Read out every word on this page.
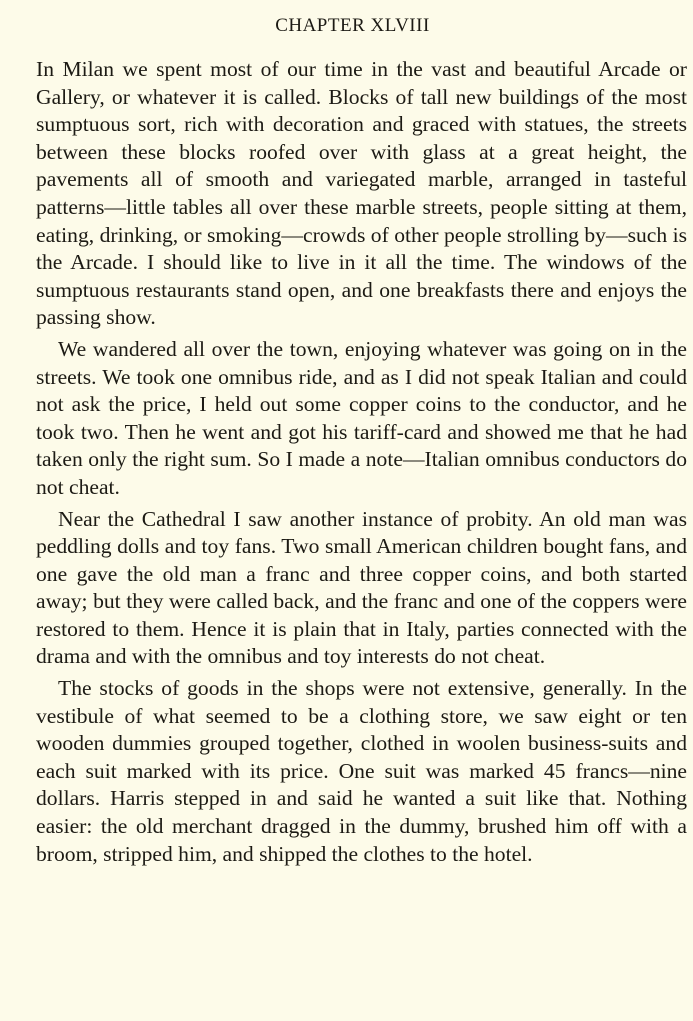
CHAPTER XLVIII

In Milan we spent most of our time in the vast and beautiful Arcade or Gallery, or whatever it is called. Blocks of tall new buildings of the most sumptuous sort, rich with decoration and graced with statues, the streets between these blocks roofed over with glass at a great height, the pavements all of smooth and variegated marble, arranged in tasteful patterns—little tables all over these marble streets, people sitting at them, eating, drinking, or smoking—crowds of other people strolling by—such is the Arcade. I should like to live in it all the time. The windows of the sumptuous restaurants stand open, and one breakfasts there and enjoys the passing show.

We wandered all over the town, enjoying whatever was going on in the streets. We took one omnibus ride, and as I did not speak Italian and could not ask the price, I held out some copper coins to the conductor, and he took two. Then he went and got his tariff-card and showed me that he had taken only the right sum. So I made a note—Italian omnibus conductors do not cheat.

Near the Cathedral I saw another instance of probity. An old man was peddling dolls and toy fans. Two small American children bought fans, and one gave the old man a franc and three copper coins, and both started away; but they were called back, and the franc and one of the coppers were restored to them. Hence it is plain that in Italy, parties connected with the drama and with the omnibus and toy interests do not cheat.

The stocks of goods in the shops were not extensive, generally. In the vestibule of what seemed to be a clothing store, we saw eight or ten wooden dummies grouped together, clothed in woolen business-suits and each suit marked with its price. One suit was marked 45 francs—nine dollars. Harris stepped in and said he wanted a suit like that. Nothing easier: the old merchant dragged in the dummy, brushed him off with a broom, stripped him, and shipped the clothes to the hotel.
